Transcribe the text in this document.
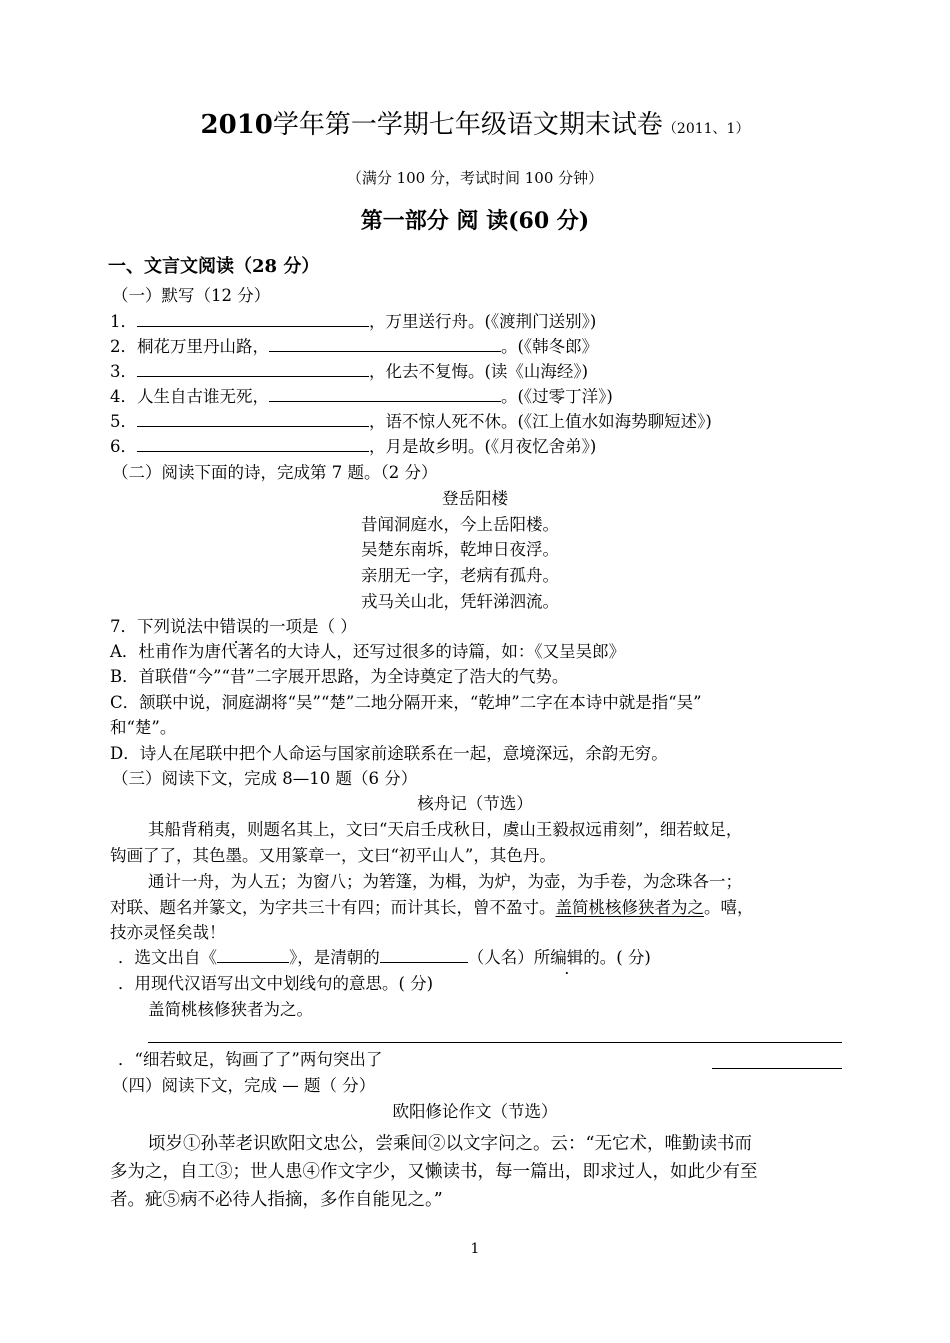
2010学年第一学期七年级语文期末试卷（2011、1）
（满分 100 分，考试时间 100 分钟）
第一部分 阅 读(60 分)
一、文言文阅读（28 分）
（一）默写（12 分）
1．	，万里送行舟。(《渡荆门送别》)
2．桐花万里丹山路，	。(《韩冬郎》
3．	，化去不复悔。(读《山海经》)
4．人生自古谁无死，	。(《过零丁洋》)
5．	，语不惊人死不休。(《江上值水如海势聊短述》)
6．	，月是故乡明。(《月夜忆舍弟》)
（二）阅读下面的诗，完成第 7 题。（2 分）
登岳阳楼
昔闻洞庭水，今上岳阳楼。
吴楚东南坼，乾坤日夜浮。
亲朋无一字，老病有孤舟。
戎马关山北，凭轩涕泗流。
7．下列说法中错误的一项是（ ）
A．杜甫作为唐代著名的大诗人，还写过很多的诗篇，如：《又呈吴郎》
B．首联借“今”“昔”二字展开思路，为全诗奠定了浩大的气势。
C．颔联中说，洞庭湖将“吴”“楚”二地分隔开来，“乾坤”二字在本诗中就是指“吴”
和“楚”。
D．诗人在尾联中把个人命运与国家前途联系在一起，意境深远，余韵无穷。
（三）阅读下文，完成 8—10 题（6 分）
核舟记（节选）
其船背稍夷，则题名其上，文曰“天启壬戌秋日，虞山王毅叔远甫刻”，细若蚊足，
钩画了了，其色墨。又用篆章一，文曰“初平山人”，其色丹。
通计一舟，为人五；为窗八；为箬篷，为楫，为炉，为壶，为手卷，为念珠各一；
对联、题名并篆文，为字共三十有四；而计其长，曾不盈寸。盖简桃核修狭者为之。嘻，
技亦灵怪矣哉！
．选文出自《	》，是清朝的	（人名）所编辑的。( 分)
．用现代汉语写出文中划线句的意思。( 分)
盖简桃核修狭者为之。
．“细若蚊足，钩画了了”两句突出了
（四）阅读下文，完成 — 题（ 分）
欧阳修论作文（节选）
顷岁①孙莘老识欧阳文忠公，尝乘间②以文字问之。云：“无它术，唯勤读书而
多为之，自工③；世人患④作文字少，又懒读书，每一篇出，即求过人，如此少有至
者。疵⑤病不必待人指摘，多作自能见之。”
1
